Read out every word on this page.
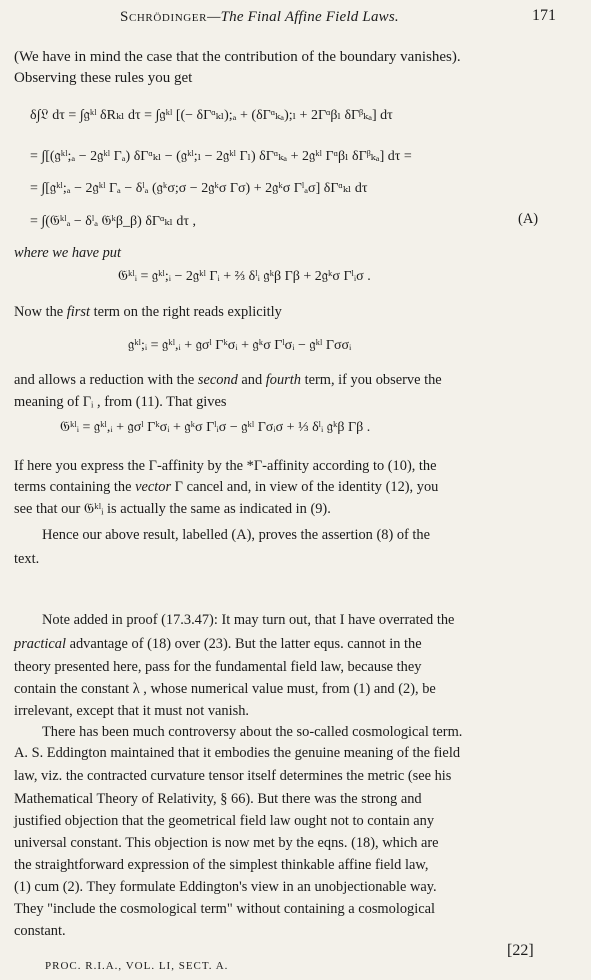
Schrödinger—The Final Affine Field Laws.	171
(We have in mind the case that the contribution of the boundary vanishes).
Observing these rules you get
δ∫𝔏 dτ = ∫𝔤ᵏˡ δRₖₗ dτ = ∫𝔤ᵏˡ [(− δΓᵅₖₗ);ₐ + (δΓᵅₖₐ);ₗ + 2Γᵅβₗ δΓᵝₖₐ] dτ
= ∫[(𝔤ᵏˡ;ₐ − 2𝔤ᵏˡ Γₐ) δΓᵅₖₗ − (𝔤ᵏˡ;ₗ − 2𝔤ᵏˡ Γₗ) δΓᵅₖₐ + 2𝔤ᵏˡ Γᵅβₗ δΓᵝₖₐ] dτ =
= ∫[𝔤ᵏˡ;ₐ − 2𝔤ᵏˡ Γₐ − δˡₐ (𝔤ᵏσ;σ − 2𝔤ᵏσ Γσ) + 2𝔤ᵏσ Γˡₐσ] δΓᵅₖₗ dτ
= ∫(𝔊ᵏˡₐ − δˡₐ 𝔊ᵏβ_β) δΓᵅₖₗ dτ ,	(A)
where we have put
𝔊ᵏˡᵢ = 𝔤ᵏˡ;ᵢ − 2𝔤ᵏˡ Γᵢ + ⅔ δˡᵢ 𝔤ᵏβ Γβ + 2𝔤ᵏσ Γˡᵢσ .
Now the first term on the right reads explicitly
𝔤ᵏˡ;ᵢ = 𝔤ᵏˡ,ᵢ + 𝔤σˡ Γᵏσᵢ + 𝔤ᵏσ Γˡσᵢ − 𝔤ᵏˡ Γσσᵢ
and allows a reduction with the second and fourth term, if you observe the
meaning of Γᵢ , from (11). That gives
𝔊ᵏˡᵢ = 𝔤ᵏˡ,ᵢ + 𝔤σˡ Γᵏσᵢ + 𝔤ᵏσ Γˡᵢσ − 𝔤ᵏˡ Γσᵢσ + ⅓ δˡᵢ 𝔤ᵏβ Γβ .
If here you express the Γ-affinity by the *Γ-affinity according to (10), the
terms containing the vector Γ cancel and, in view of the identity (12), you
see that our 𝔊ᵏˡᵢ is actually the same as indicated in (9).
Hence our above result, labelled (A), proves the assertion (8) of the
text.
Note added in proof (17.3.47): It may turn out, that I have overrated the
practical advantage of (18) over (23). But the latter equs. cannot in the
theory presented here, pass for the fundamental field law, because they
contain the constant λ , whose numerical value must, from (1) and (2), be
irrelevant, except that it must not vanish.
There has been much controversy about the so-called cosmological term.
A. S. Eddington maintained that it embodies the genuine meaning of the field
law, viz. the contracted curvature tensor itself determines the metric (see his
Mathematical Theory of Relativity, § 66). But there was the strong and
justified objection that the geometrical field law ought not to contain any
universal constant. This objection is now met by the eqns. (18), which are
the straightforward expression of the simplest thinkable affine field law,
(1) cum (2). They formulate Eddington's view in an unobjectionable way.
They "include the cosmological term" without containing a cosmological
constant.
PROC. R.I.A., VOL. LI, SECT. A.
[22]
